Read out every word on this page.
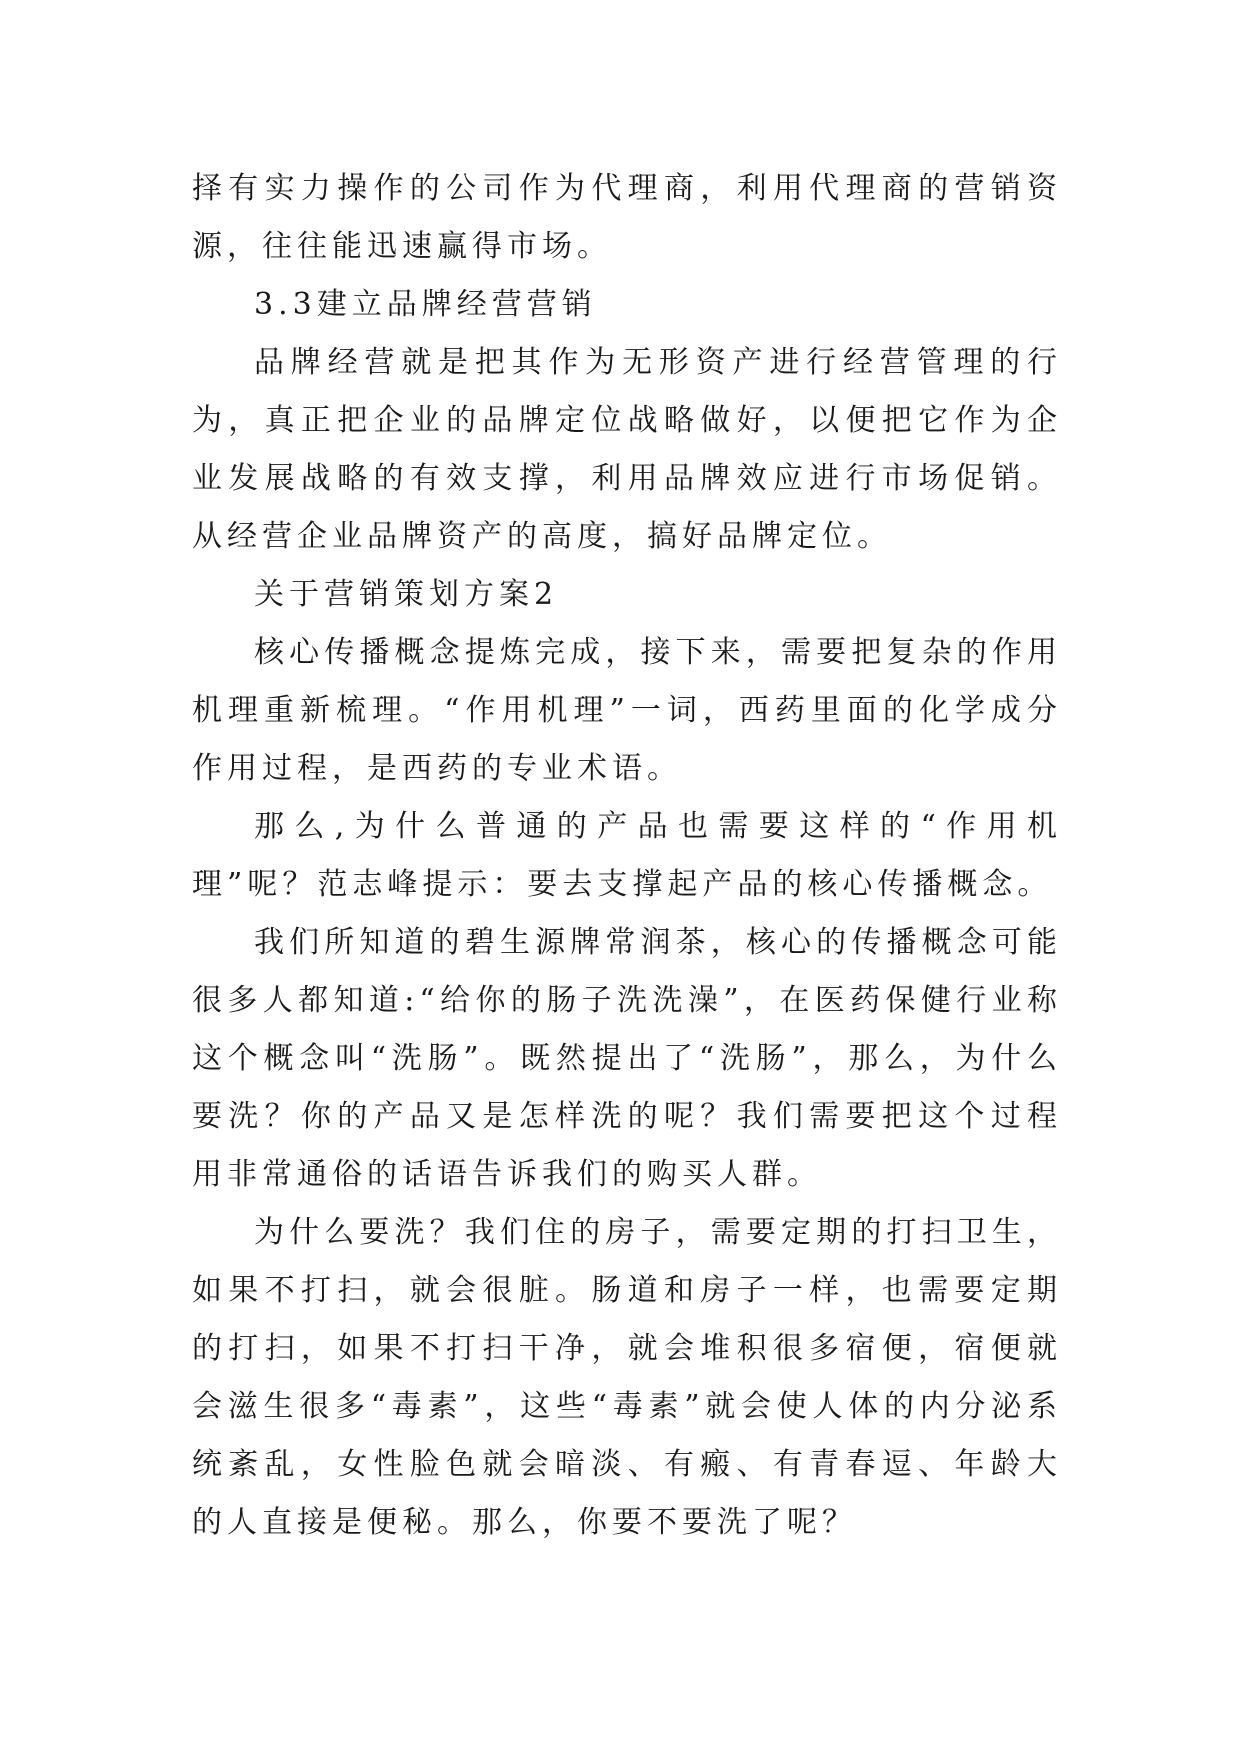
择有实力操作的公司作为代理商，利用代理商的营销资源，往往能迅速赢得市场。

3.3建立品牌经营营销

品牌经营就是把其作为无形资产进行经营管理的行为，真正把企业的品牌定位战略做好，以便把它作为企业发展战略的有效支撑，利用品牌效应进行市场促销。从经营企业品牌资产的高度，搞好品牌定位。

关于营销策划方案2

核心传播概念提炼完成，接下来，需要把复杂的作用机理重新梳理。“作用机理”一词，西药里面的化学成分作用过程，是西药的专业术语。

那么,为什么普通的产品也需要这样的“作用机理”呢？范志峰提示：要去支撑起产品的核心传播概念。

我们所知道的碧生源牌常润茶，核心的传播概念可能很多人都知道:“给你的肠子洗洗澡”，在医药保健行业称这个概念叫“洗肠”。既然提出了“洗肠”，那么，为什么要洗？你的产品又是怎样洗的呢？我们需要把这个过程用非常通俗的话语告诉我们的购买人群。

为什么要洗？我们住的房子，需要定期的打扫卫生，如果不打扫，就会很脏。肠道和房子一样，也需要定期的打扫，如果不打扫干净，就会堆积很多宿便，宿便就会滋生很多“毒素”，这些“毒素”就会使人体的内分泌系统紊乱，女性脸色就会暗淡、有瘢、有青春逗、年龄大的人直接是便秘。那么，你要不要洗了呢？
